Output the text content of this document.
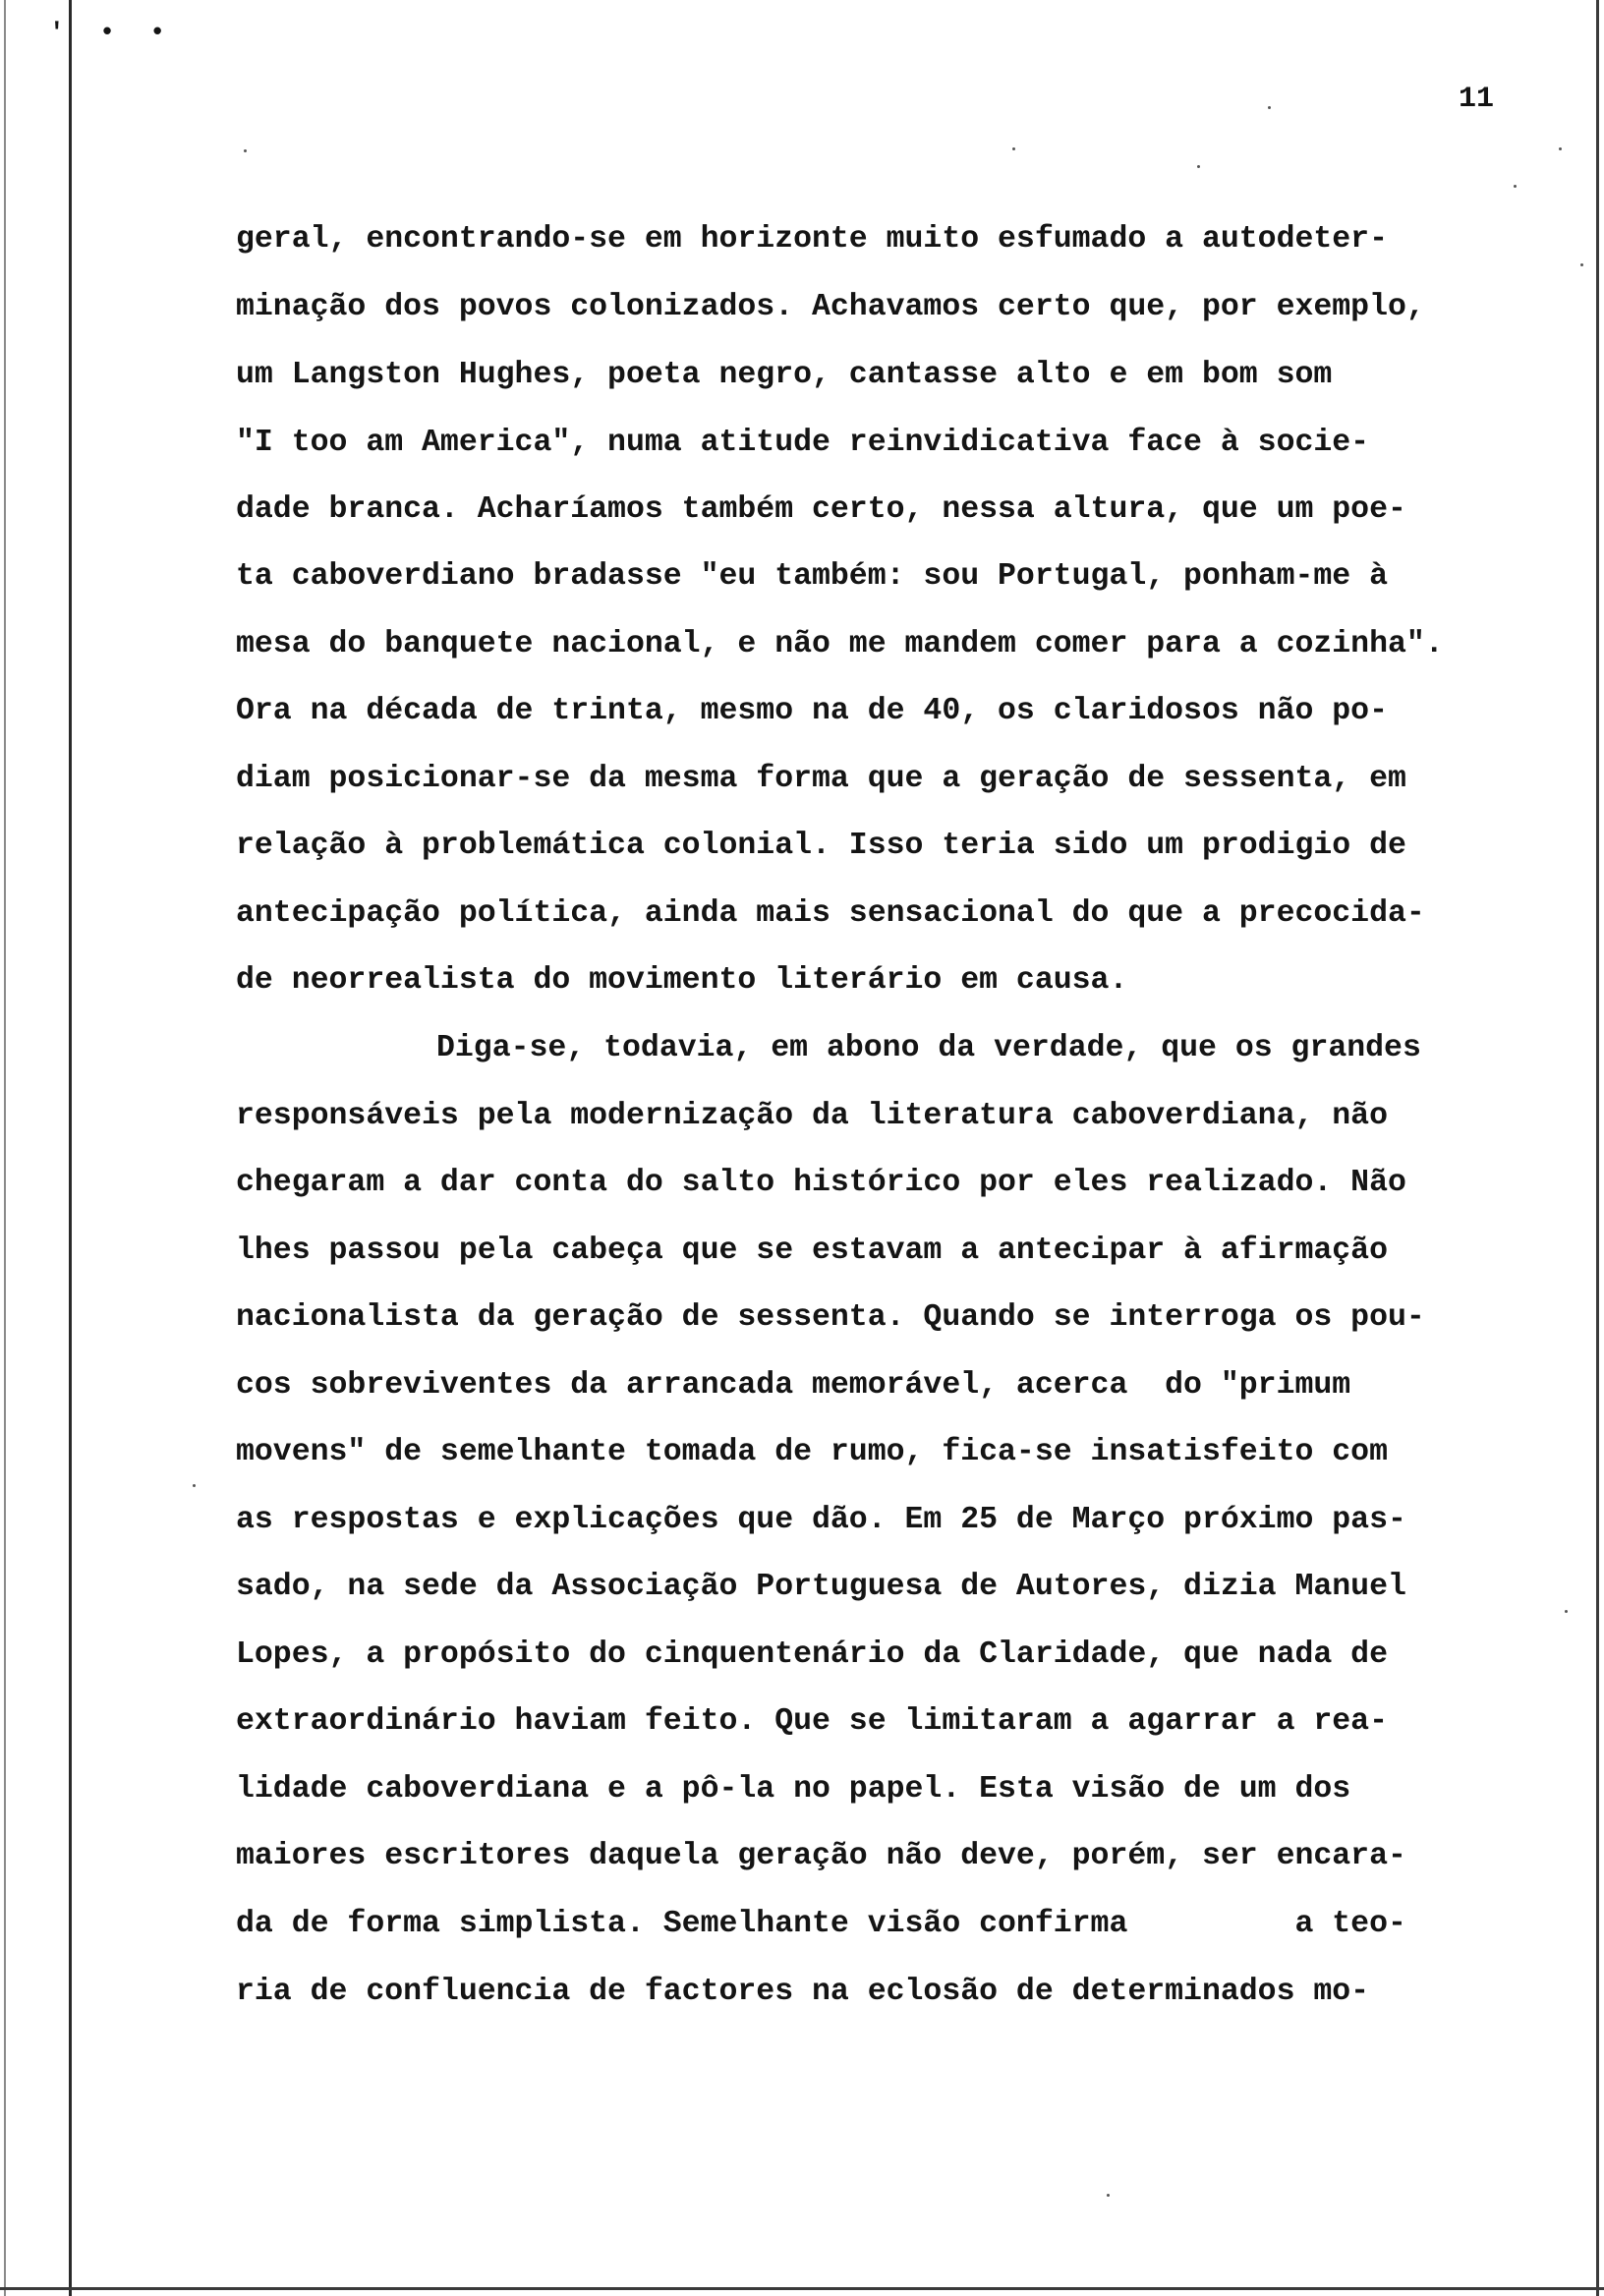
' • •
11
geral, encontrando-se em horizonte muito esfumado a autodeter-
minação dos povos colonizados. Achavamos certo que, por exemplo,
um Langston Hughes, poeta negro, cantasse alto e em bom som
"I too am America", numa atitude reinvidicativa face à socie-
dade branca. Acharíamos também certo, nessa altura, que um poe-
ta caboverdiano bradasse "eu também: sou Portugal, ponham-me à
mesa do banquete nacional, e não me mandem comer para a cozinha".
Ora na década de trinta, mesmo na de 40, os claridosos não po-
diam posicionar-se da mesma forma que a geração de sessenta, em
relação à problemática colonial. Isso teria sido um prodigio de
antecipação política, ainda mais sensacional do que a precocida-
de neorrealista do movimento literário em causa.
Diga-se, todavia, em abono da verdade, que os grandes
responsáveis pela modernização da literatura caboverdiana, não
chegaram a dar conta do salto histórico por eles realizado. Não
lhes passou pela cabeça que se estavam a antecipar à afirmação
nacionalista da geração de sessenta. Quando se interroga os pou-
cos sobreviventes da arrancada memorável, acerca  do "primum
movens" de semelhante tomada de rumo, fica-se insatisfeito com
as respostas e explicações que dão. Em 25 de Março próximo pas-
sado, na sede da Associação Portuguesa de Autores, dizia Manuel
Lopes, a propósito do cinquentenário da Claridade, que nada de
extraordinário haviam feito. Que se limitaram a agarrar a rea-
lidade caboverdiana e a pô-la no papel. Esta visão de um dos
maiores escritores daquela geração não deve, porém, ser encara-
da de forma simplista. Semelhante visão confirma         a teo-
ria de confluencia de factores na eclosão de determinados mo-
